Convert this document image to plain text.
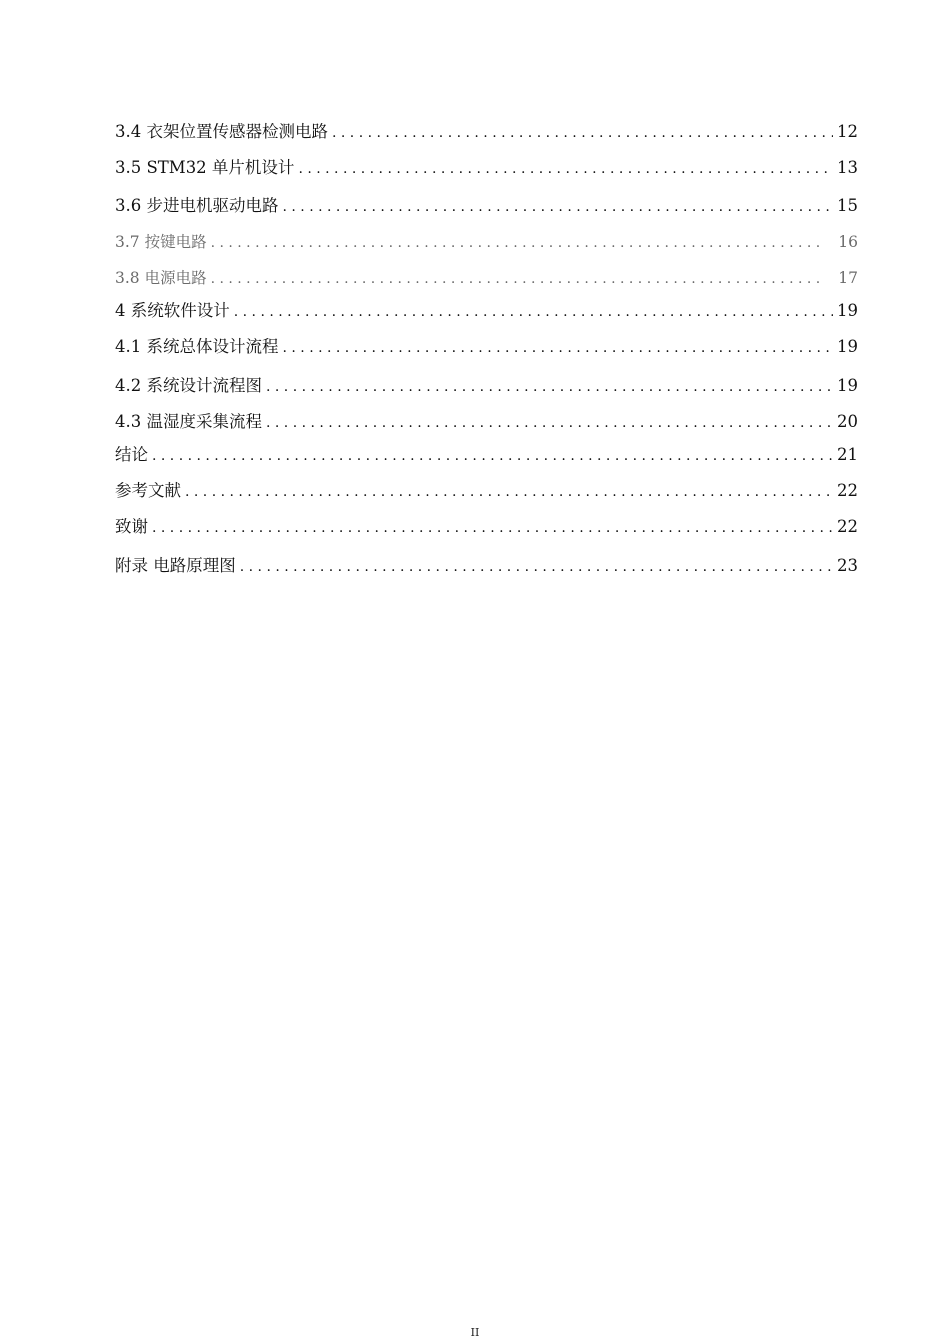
3.4 衣架位置传感器检测电路 . . .	12
3.5 STM32 单片机设计 . . .	13
3.6 步进电机驱动电路 . . .	15
3.7 按键电路 . . .	16
3.8 电源电路 . . .	17
4 系统软件设计 . . .	19
4.1 系统总体设计流程 . . .	19
4.2 系统设计流程图 . . .	19
4.3 温湿度采集流程 . . .	20
结论 . . .	21
参考文献 . . .	22
致谢 . . .	22
附录 电路原理图 . . .	23
II
